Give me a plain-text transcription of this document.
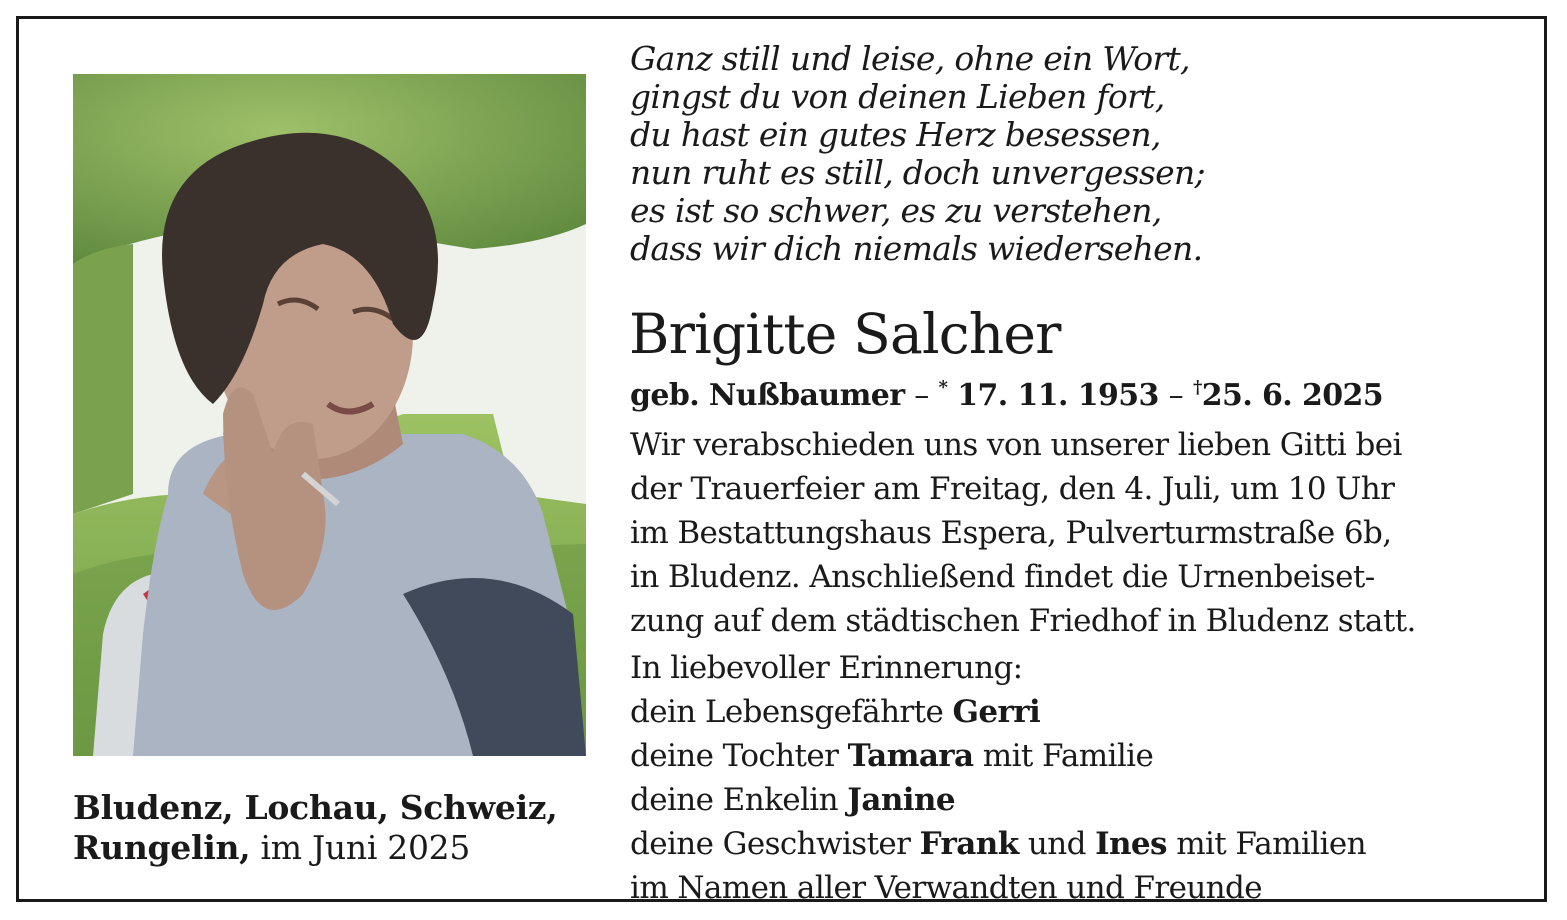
Ganz still und leise, ohne ein Wort,
gingst du von deinen Lieben fort,
du hast ein gutes Herz besessen,
nun ruht es still, doch unvergessen;
es ist so schwer, es zu verstehen,
dass wir dich niemals wiedersehen.
Brigitte Salcher
geb. Nußbaumer – * 17. 11. 1953 – †25. 6. 2025
Wir verabschieden uns von unserer lieben Gitti bei
der Trauerfeier am Freitag, den 4. Juli, um 10 Uhr
im Bestattungshaus Espera, Pulverturmstraße 6b,
in Bludenz. Anschließend findet die Urnenbeiset-
zung auf dem städtischen Friedhof in Bludenz statt.
In liebevoller Erinnerung:
dein Lebensgefährte Gerri
deine Tochter Tamara mit Familie
deine Enkelin Janine
deine Geschwister Frank und Ines mit Familien
im Namen aller Verwandten und Freunde
Bludenz, Lochau, Schweiz,
Rungelin, im Juni 2025
